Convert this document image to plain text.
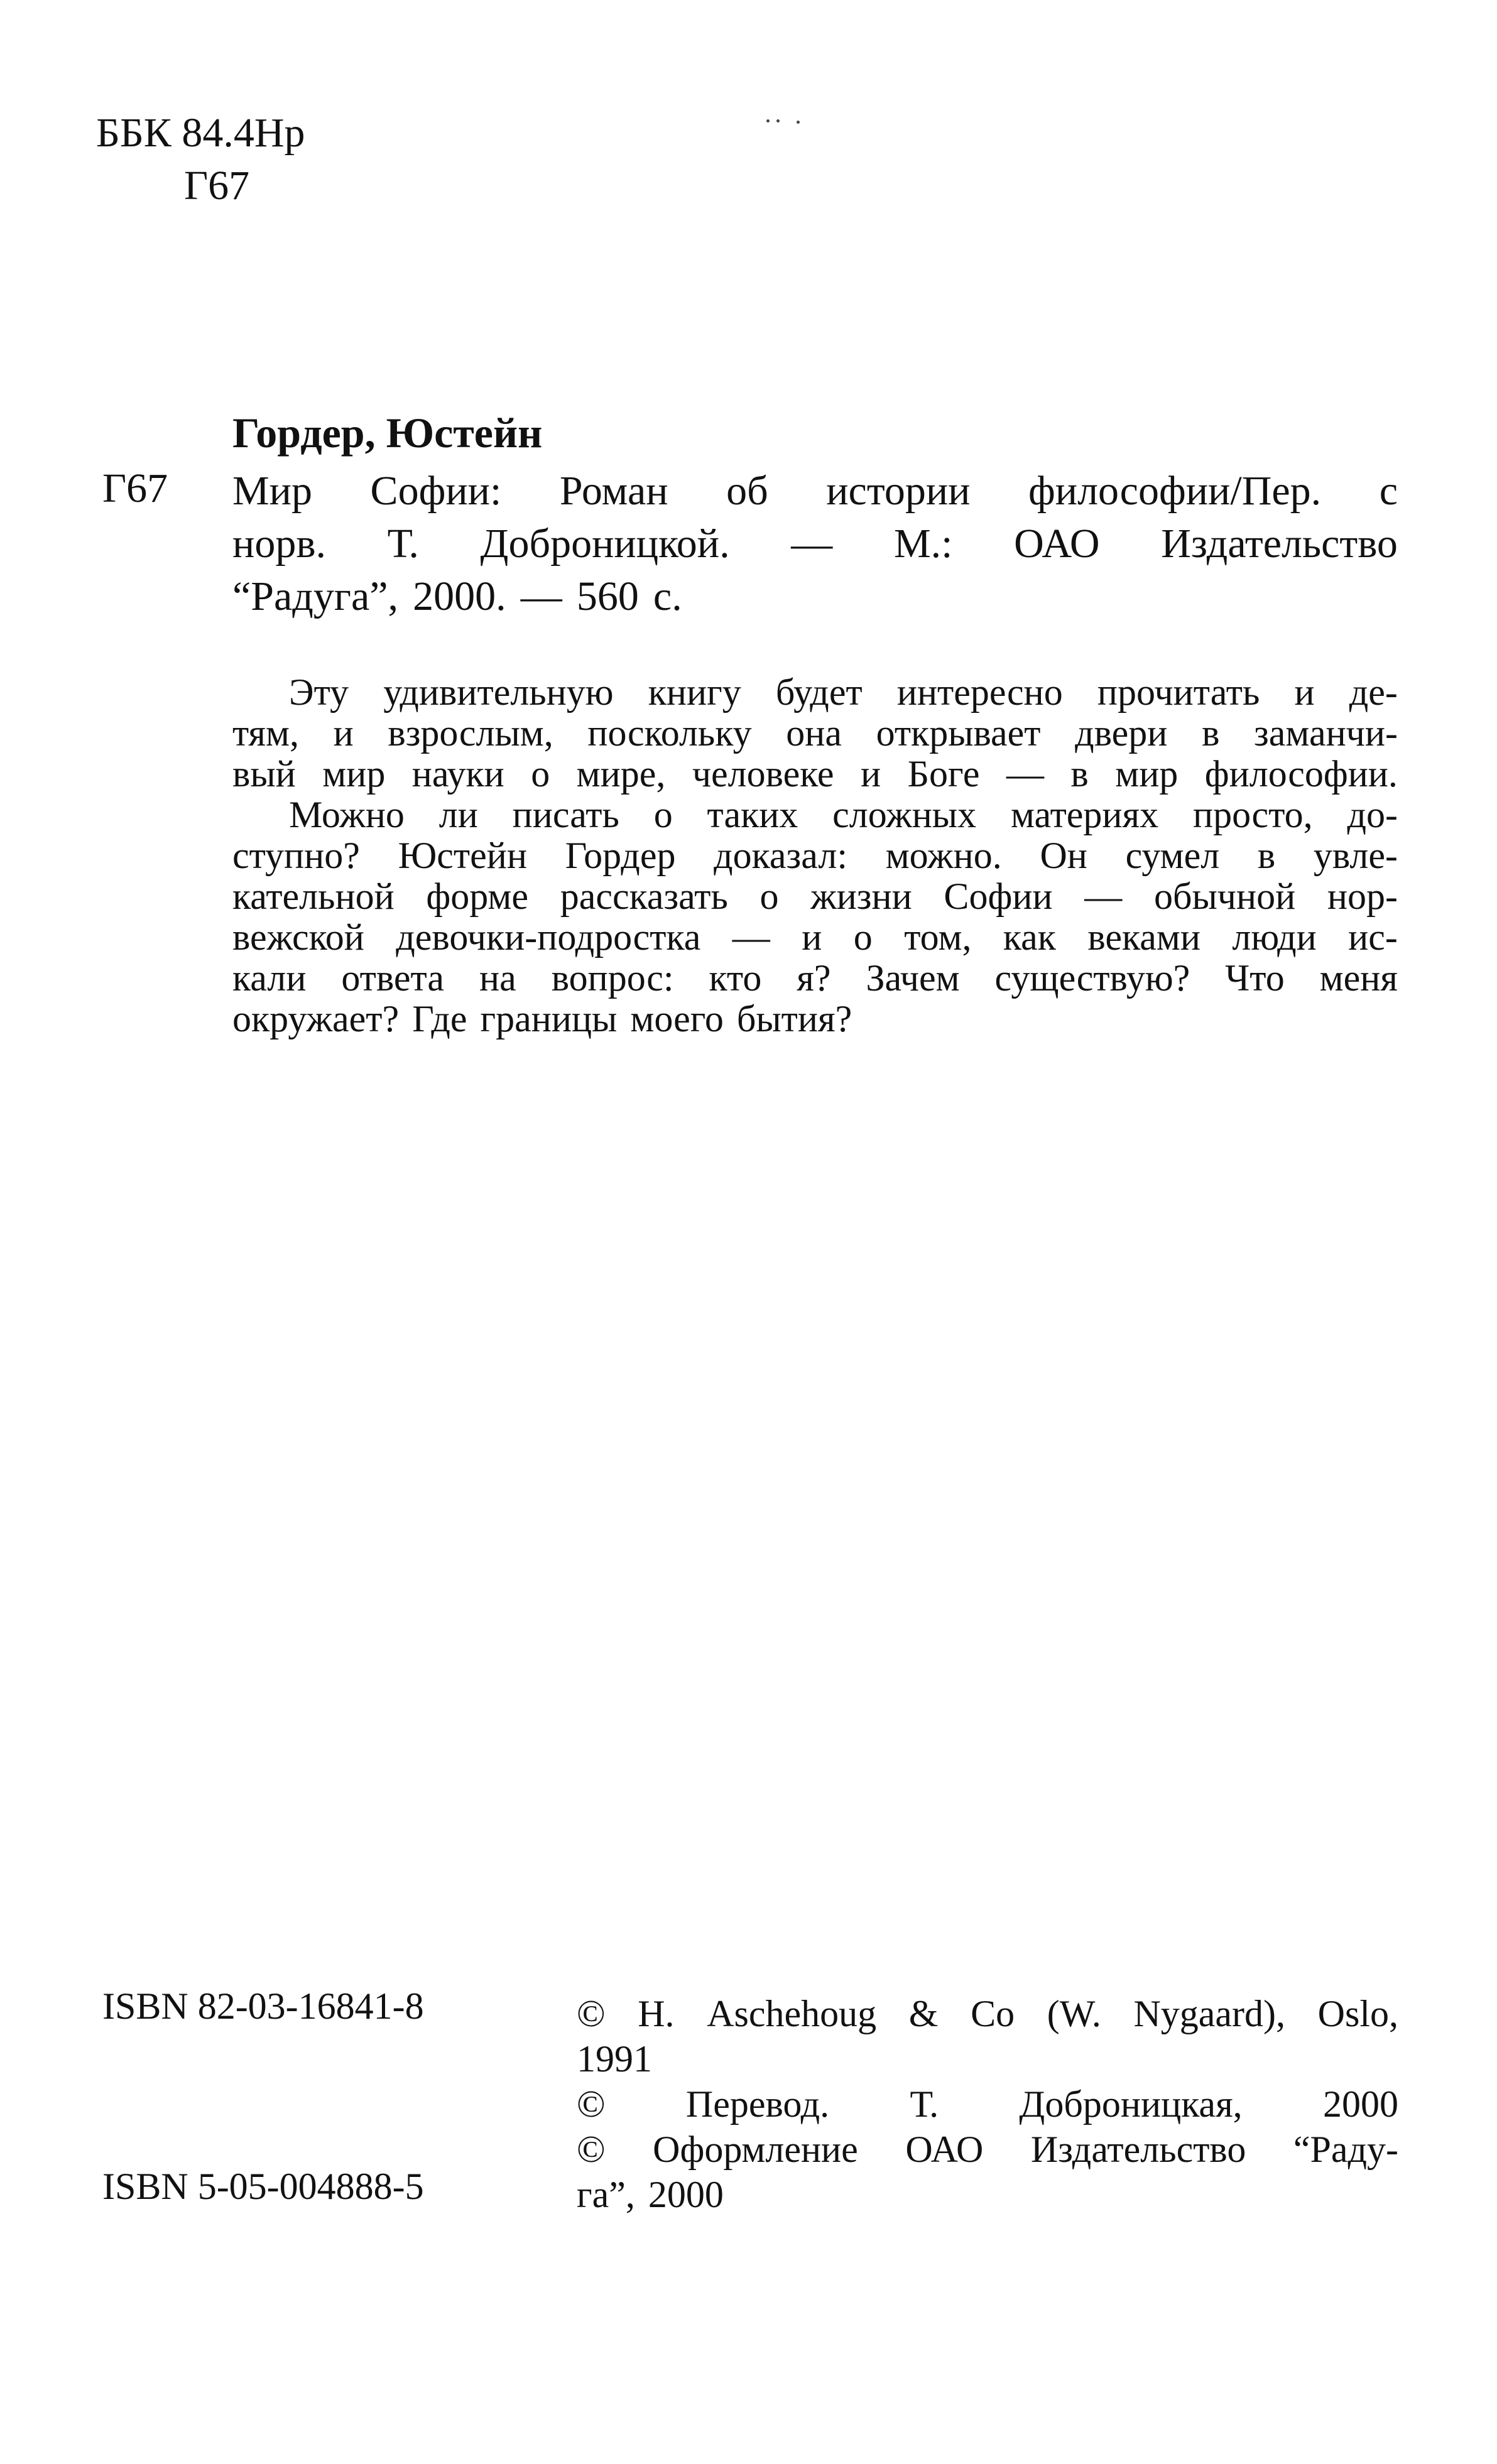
ББК 84.4Нр
Г67
Гордер, Юстейн
Г67 Мир Софии: Роман об истории философии/Пер. с
норв. Т. Доброницкой. — М.: ОАО Издательство
“Радуга”, 2000. — 560 с.
Эту удивительную книгу будет интересно прочитать и де-
тям, и взрослым, поскольку она открывает двери в заманчи-
вый мир науки о мире, человеке и Боге — в мир философии.
Можно ли писать о таких сложных материях просто, до-
ступно? Юстейн Гордер доказал: можно. Он сумел в увле-
кательной форме рассказать о жизни Софии — обычной нор-
вежской девочки-подростка — и о том, как веками люди ис-
кали ответа на вопрос: кто я? Зачем существую? Что меня
окружает? Где границы моего бытия?
ISBN 82-03-16841-8
ISBN 5-05-004888-5
© H. Aschehoug & Co (W. Nygaard), Oslo,
1991
© Перевод. Т. Доброницкая, 2000
© Оформление ОАО Издательство “Раду-
га”, 2000
